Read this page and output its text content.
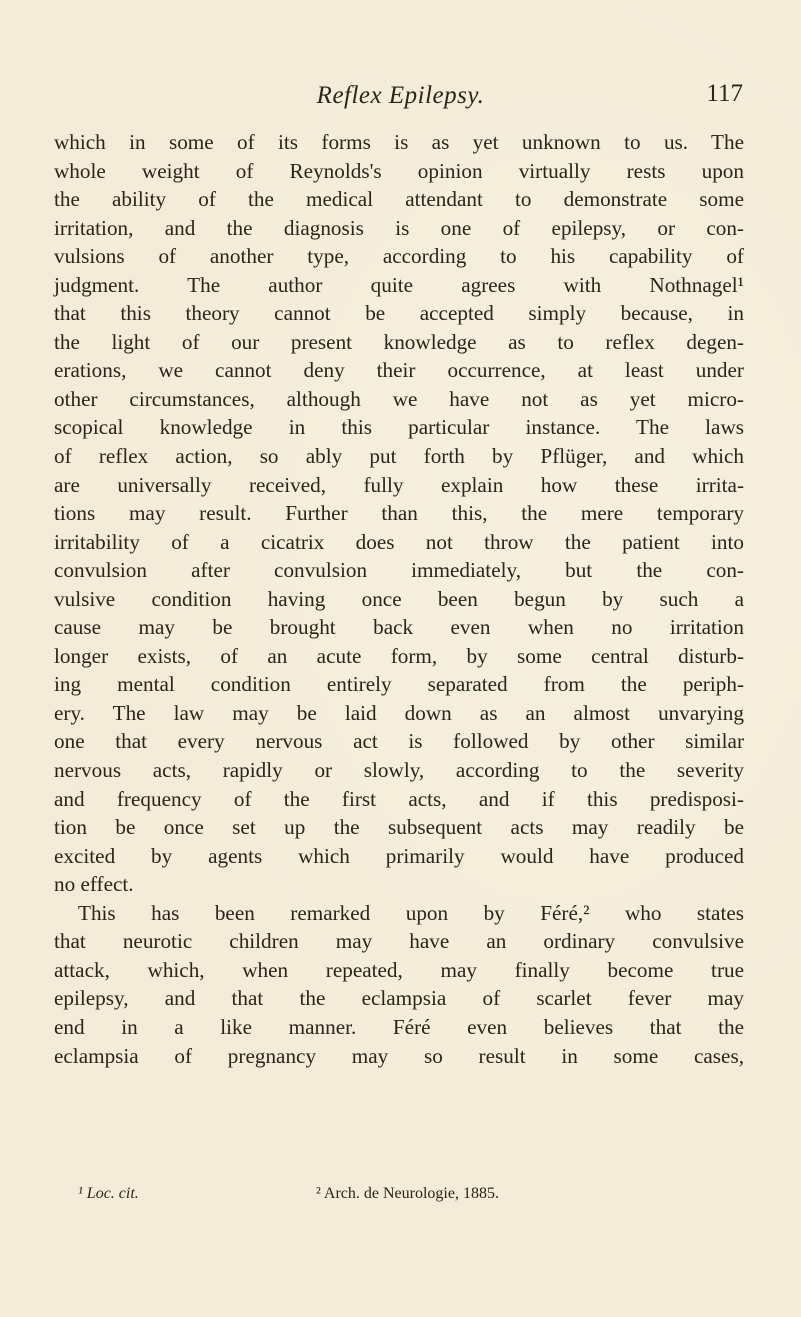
Reflex Epilepsy.	117
which in some of its forms is as yet unknown to us. The
whole weight of Reynolds's opinion virtually rests upon
the ability of the medical attendant to demonstrate some
irritation, and the diagnosis is one of epilepsy, or con-
vulsions of another type, according to his capability of
judgment. The author quite agrees with Nothnagel¹
that this theory cannot be accepted simply because, in
the light of our present knowledge as to reflex degen-
erations, we cannot deny their occurrence, at least under
other circumstances, although we have not as yet micro-
scopical knowledge in this particular instance. The laws
of reflex action, so ably put forth by Pflüger, and which
are universally received, fully explain how these irrita-
tions may result. Further than this, the mere temporary
irritability of a cicatrix does not throw the patient into
convulsion after convulsion immediately, but the con-
vulsive condition having once been begun by such a
cause may be brought back even when no irritation
longer exists, of an acute form, by some central disturb-
ing mental condition entirely separated from the periph-
ery. The law may be laid down as an almost unvarying
one that every nervous act is followed by other similar
nervous acts, rapidly or slowly, according to the severity
and frequency of the first acts, and if this predisposi-
tion be once set up the subsequent acts may readily be
excited by agents which primarily would have produced
no effect.
This has been remarked upon by Féré,² who states
that neurotic children may have an ordinary convulsive
attack, which, when repeated, may finally become true
epilepsy, and that the eclampsia of scarlet fever may
end in a like manner. Féré even believes that the
eclampsia of pregnancy may so result in some cases,
¹ Loc. cit.	² Arch. de Neurologie, 1885.
